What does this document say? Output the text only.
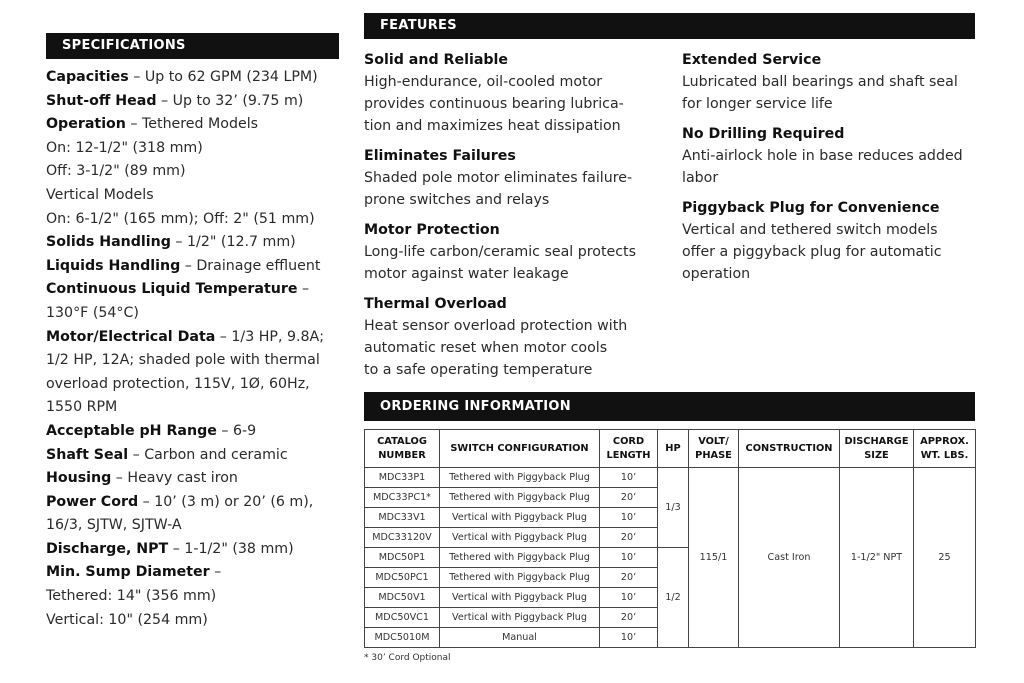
SPECIFICATIONS
Capacities – Up to 62 GPM (234 LPM)
Shut-off Head – Up to 32’ (9.75 m)
Operation – Tethered Models
On: 12-1/2" (318 mm)
Off: 3-1/2" (89 mm)
Vertical Models
On: 6-1/2" (165 mm); Off: 2" (51 mm)
Solids Handling – 1/2" (12.7 mm)
Liquids Handling – Drainage effluent
Continuous Liquid Temperature –
130°F (54°C)
Motor/Electrical Data – 1/3 HP, 9.8A;
1/2 HP, 12A; shaded pole with thermal
overload protection, 115V, 1Ø, 60Hz,
1550 RPM
Acceptable pH Range – 6-9
Shaft Seal – Carbon and ceramic
Housing – Heavy cast iron
Power Cord – 10’ (3 m) or 20’ (6 m),
16/3, SJTW, SJTW-A
Discharge, NPT – 1-1/2" (38 mm)
Min. Sump Diameter –
Tethered: 14" (356 mm)
Vertical: 10" (254 mm)
FEATURES
Solid and Reliable
High-endurance, oil-cooled motor
provides continuous bearing lubrica-
tion and maximizes heat dissipation
Eliminates Failures
Shaded pole motor eliminates failure-
prone switches and relays
Motor Protection
Long-life carbon/ceramic seal protects
motor against water leakage
Thermal Overload
Heat sensor overload protection with
automatic reset when motor cools
to a safe operating temperature
Extended Service
Lubricated ball bearings and shaft seal
for longer service life
No Drilling Required
Anti-airlock hole in base reduces added
labor
Piggyback Plug for Convenience
Vertical and tethered switch models
offer a piggyback plug for automatic
operation
ORDERING INFORMATION
CATALOG NUMBER	SWITCH CONFIGURATION	CORD LENGTH	HP	VOLT/ PHASE	CONSTRUCTION	DISCHARGE SIZE	APPROX. WT. LBS.
MDC33P1	Tethered with Piggyback Plug	10’	1/3	115/1	Cast Iron	1-1/2" NPT	25
MDC33PC1*	Tethered with Piggyback Plug	20’					
MDC33V1	Vertical with Piggyback Plug	10’					
MDC33120V	Vertical with Piggyback Plug	20’					
MDC50P1	Tethered with Piggyback Plug	10’	1/2				
MDC50PC1	Tethered with Piggyback Plug	20’					
MDC50V1	Vertical with Piggyback Plug	10’					
MDC50VC1	Vertical with Piggyback Plug	20’					
MDC5010M	Manual	10’					
* 30’ Cord Optional
